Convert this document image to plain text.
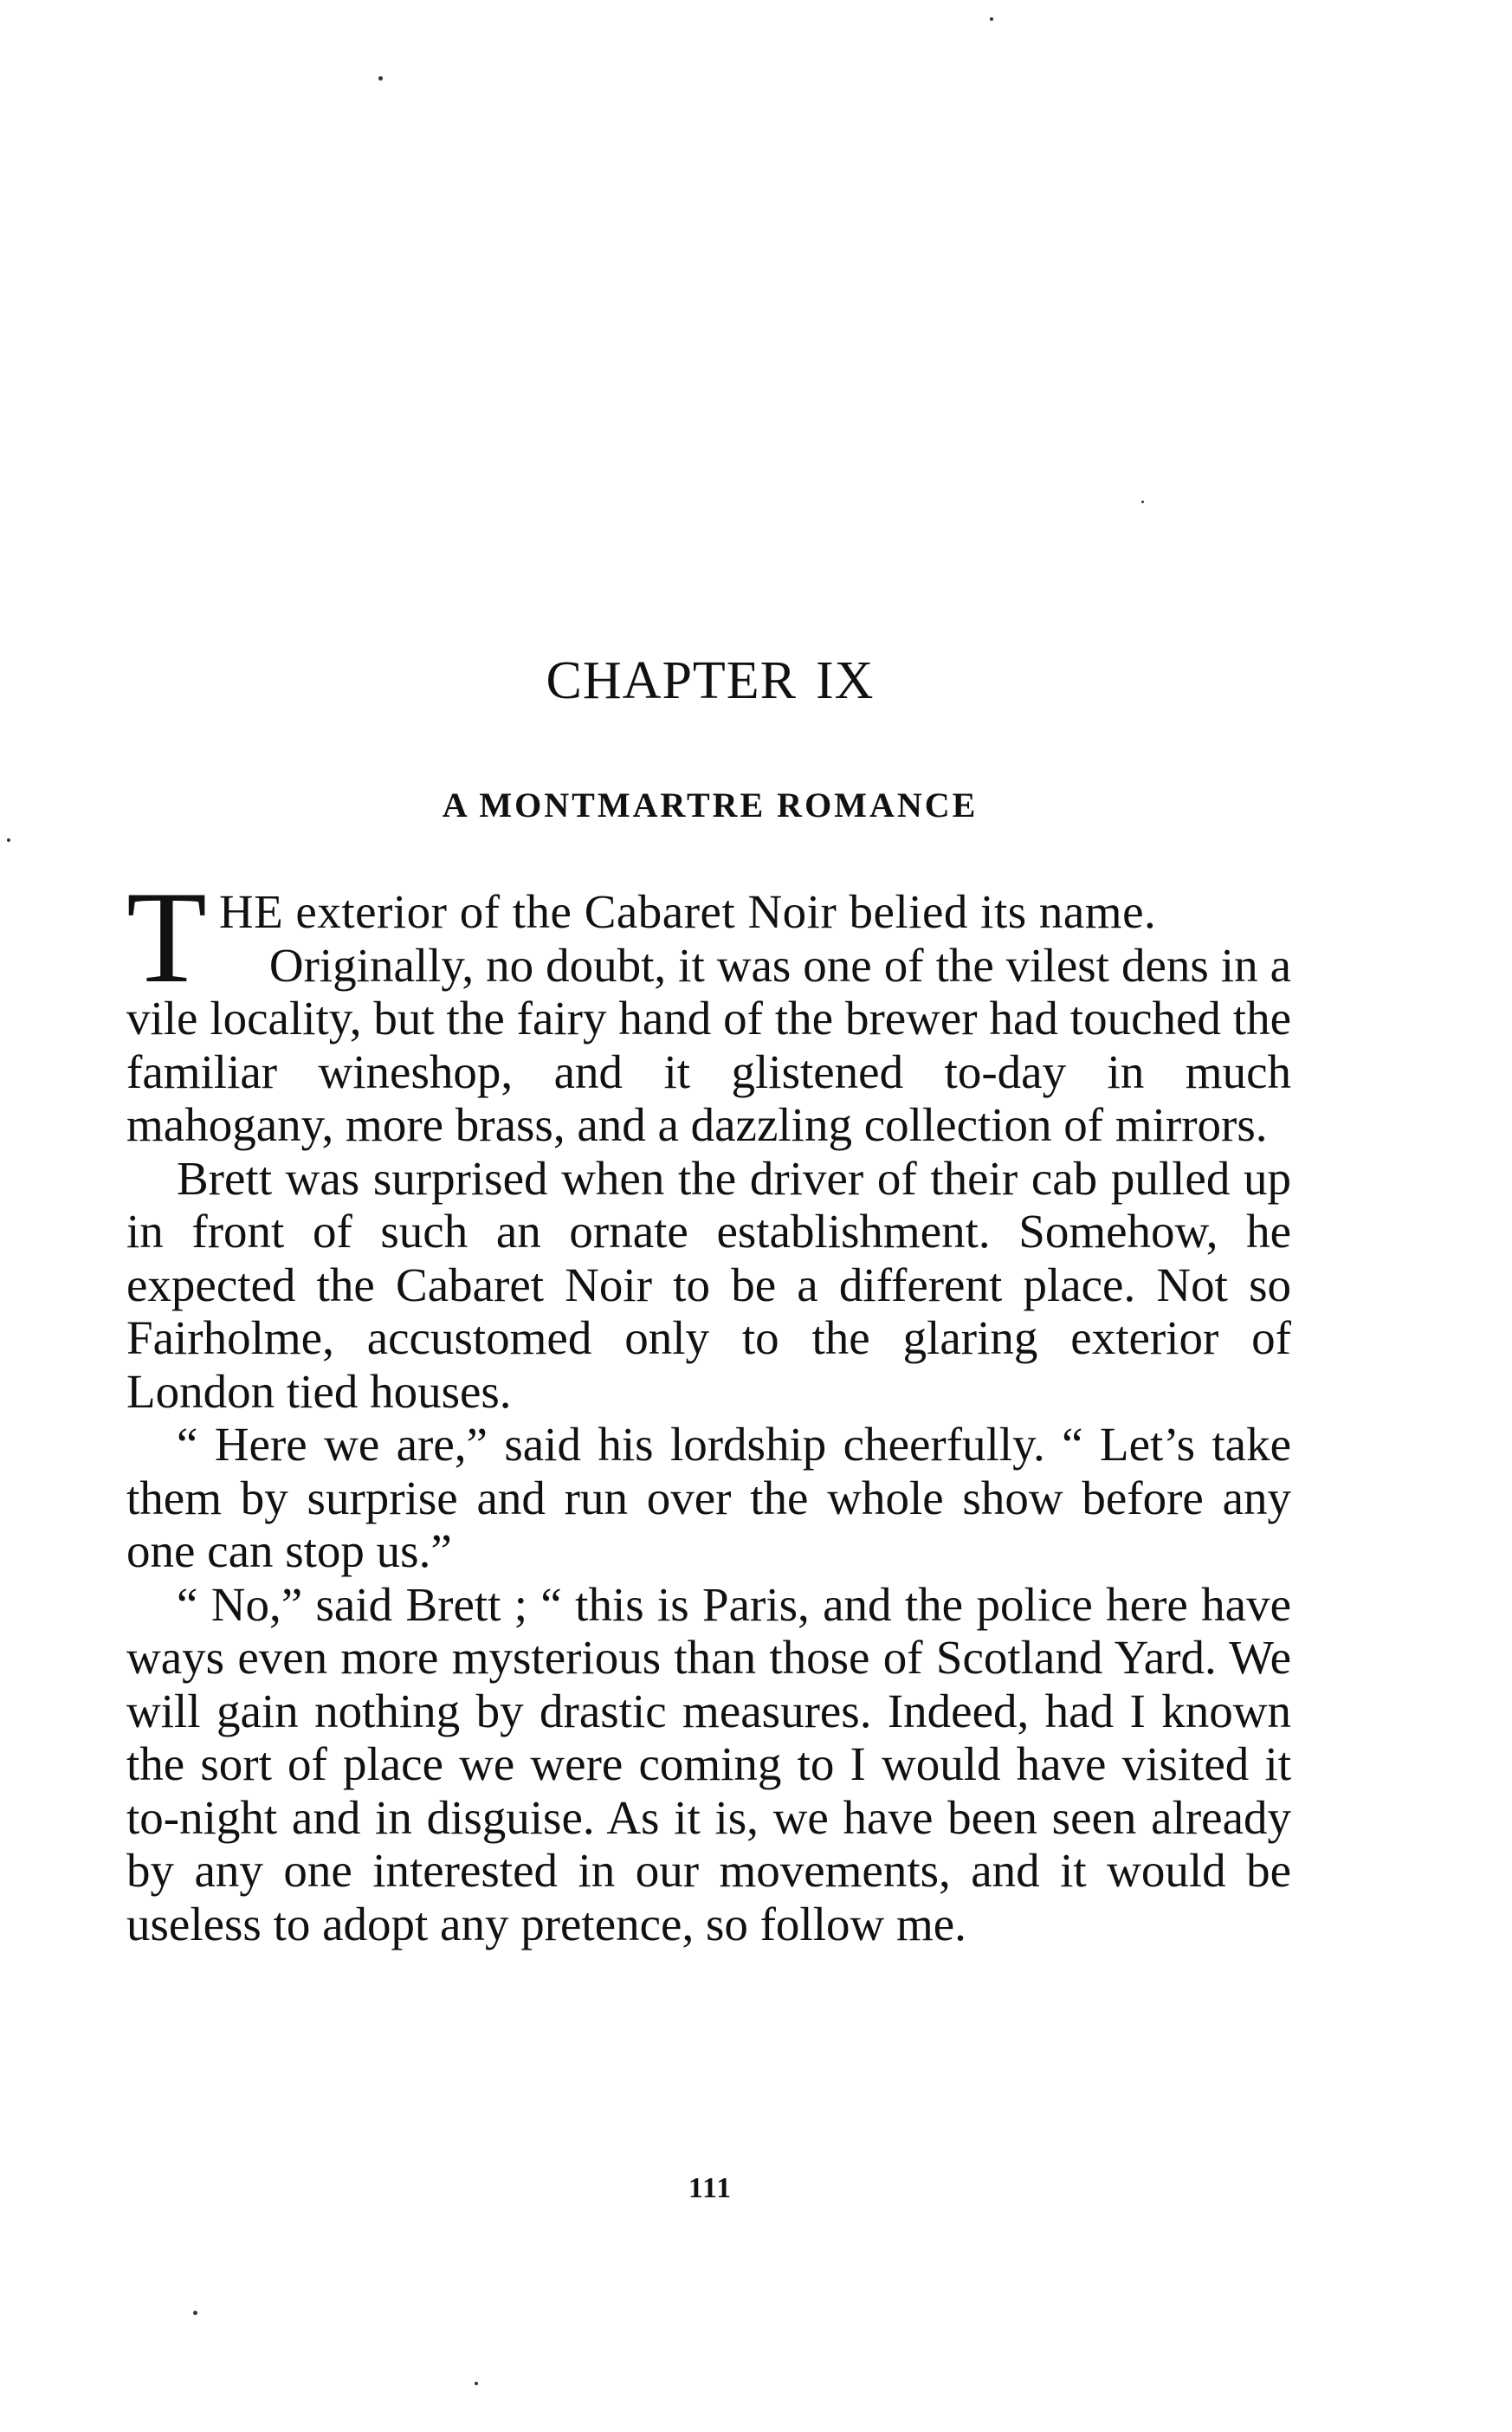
CHAPTER IX
A MONTMARTRE ROMANCE

THE exterior of the Cabaret Noir belied its name.

Originally, no doubt, it was one of the vilest dens in a vile locality, but the fairy hand of the brewer had touched the familiar wineshop, and it glistened to-day in much mahogany, more brass, and a dazzling collection of mirrors.

Brett was surprised when the driver of their cab pulled up in front of such an ornate establishment. Somehow, he expected the Cabaret Noir to be a different place. Not so Fairholme, accustomed only to the glaring exterior of London tied houses.

“ Here we are,” said his lordship cheerfully. “ Let’s take them by surprise and run over the whole show before any one can stop us.”

“ No,” said Brett ; “ this is Paris, and the police here have ways even more mysterious than those of Scotland Yard. We will gain nothing by drastic measures. Indeed, had I known the sort of place we were coming to I would have visited it to-night and in disguise. As it is, we have been seen already by any one interested in our movements, and it would be useless to adopt any pretence, so follow me.

111
